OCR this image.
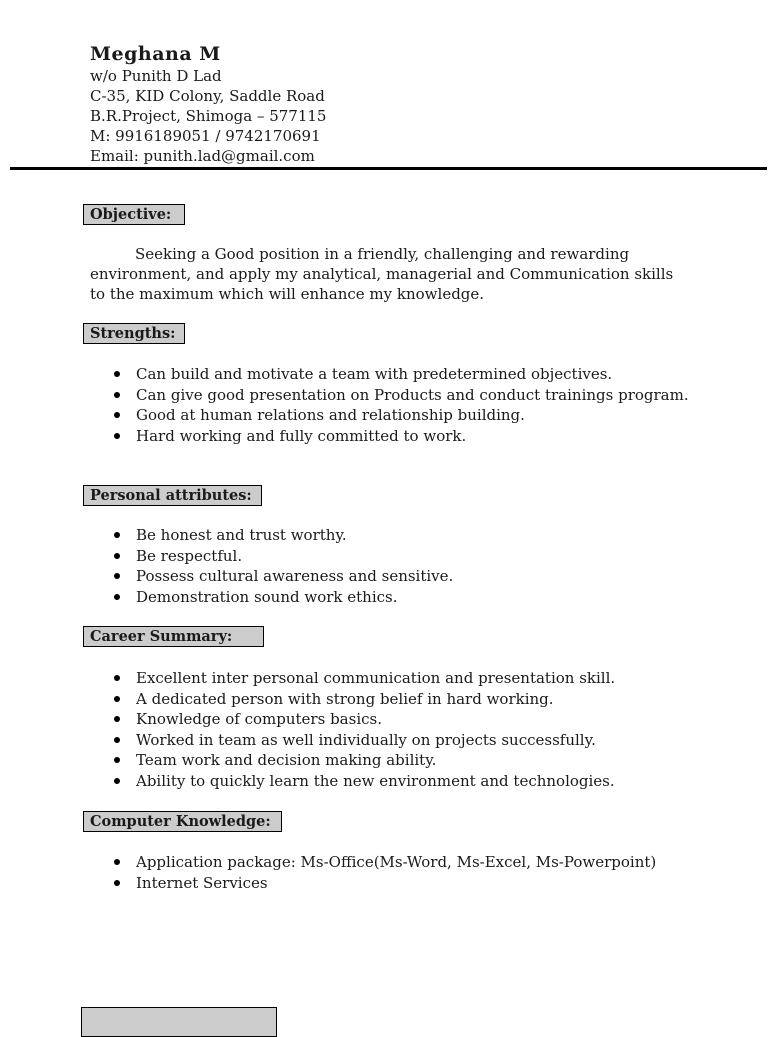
Meghana M
w/o Punith D Lad
C-35, KID Colony, Saddle Road
B.R.Project, Shimoga – 577115
M: 9916189051 / 9742170691
Email: punith.lad@gmail.com
Objective:
Seeking a Good position in a friendly, challenging and rewarding environment, and apply my analytical, managerial and Communication skills to the maximum which will enhance my knowledge.
Strengths:
Can build and motivate a team with predetermined objectives.
Can give good presentation on Products and conduct trainings program.
Good at human relations and relationship building.
Hard working and fully committed to work.
Personal attributes:
Be honest and trust worthy.
Be respectful.
Possess cultural awareness and sensitive.
Demonstration sound work ethics.
Career Summary:
Excellent inter personal communication and presentation skill.
A dedicated person with strong belief in hard working.
Knowledge of computers basics.
Worked in team as well individually on projects successfully.
Team work and decision making ability.
Ability to quickly learn the new environment and technologies.
Computer Knowledge:
Application package: Ms-Office(Ms-Word, Ms-Excel, Ms-Powerpoint)
Internet Services
